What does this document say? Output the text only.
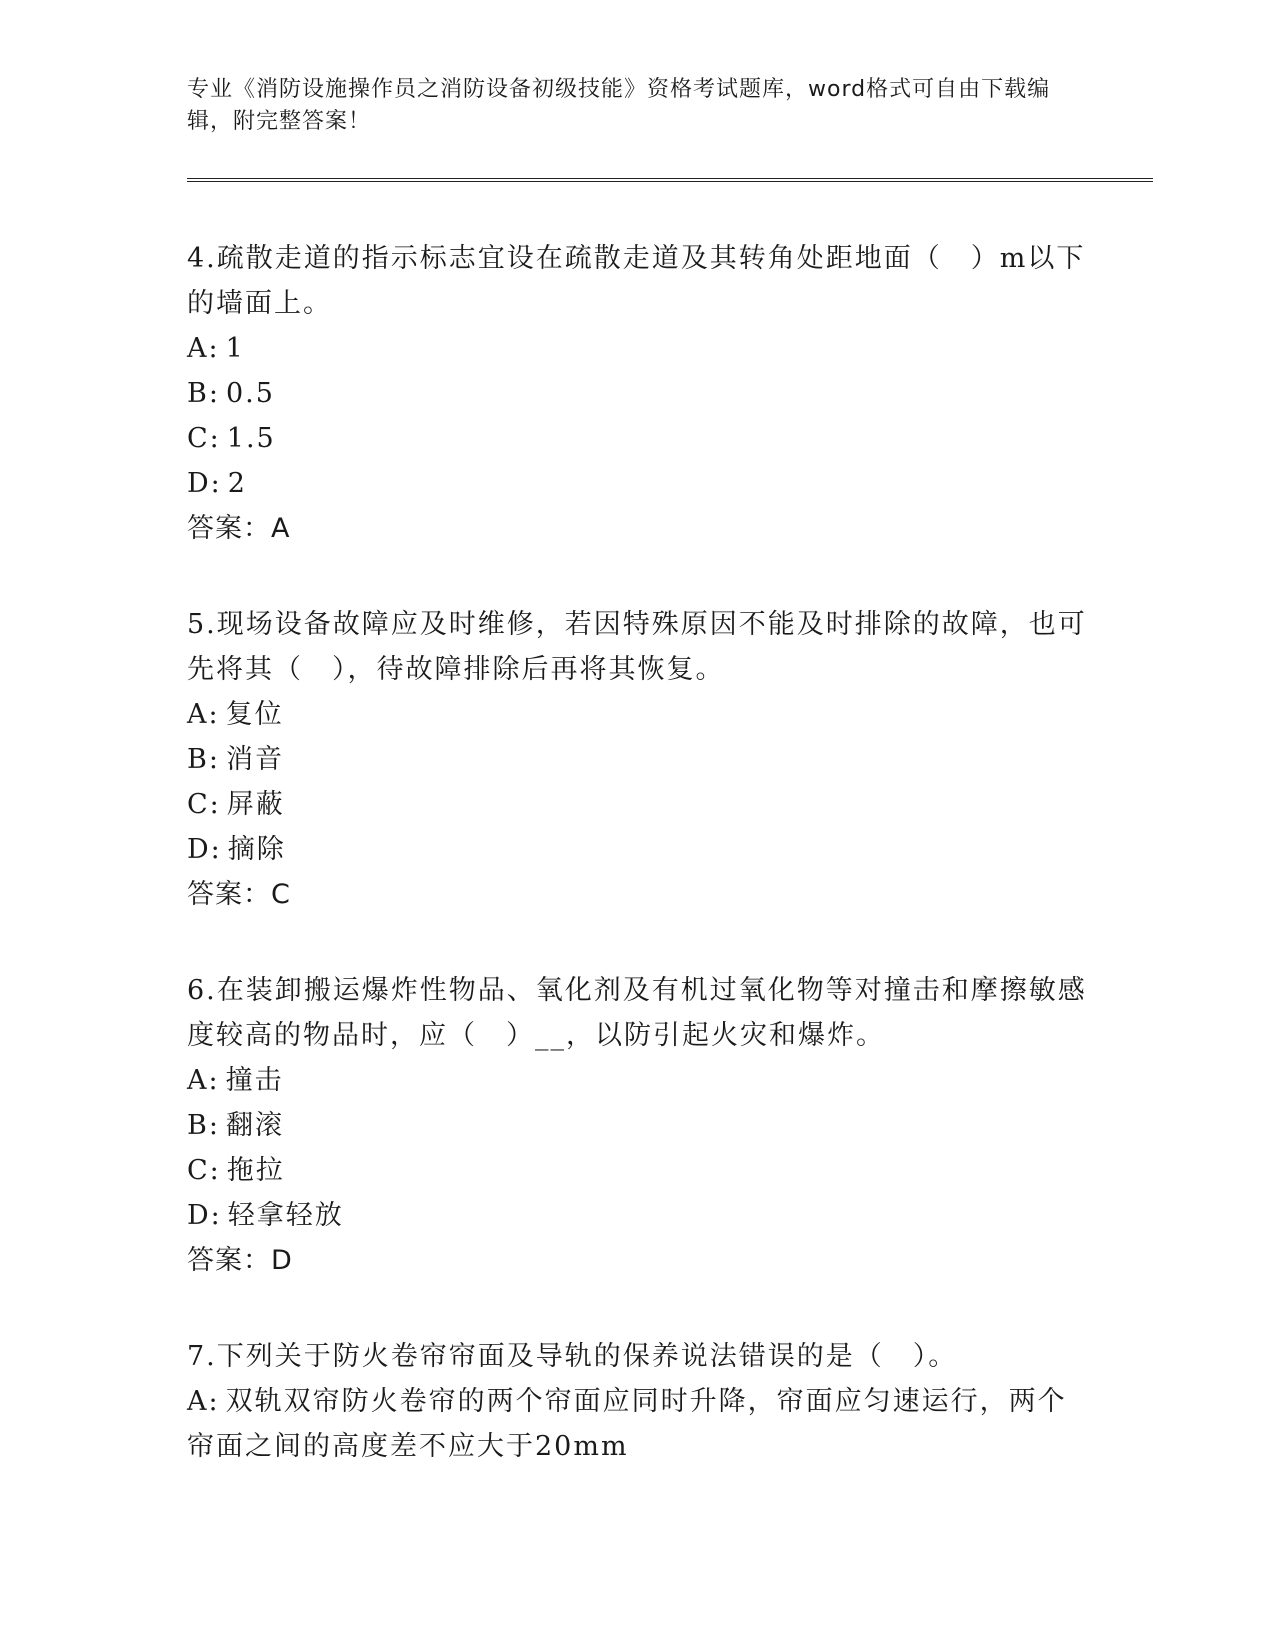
专业《消防设施操作员之消防设备初级技能》资格考试题库，word格式可自由下载编辑，附完整答案！

4.疏散走道的指示标志宜设在疏散走道及其转角处距地面（　）m以下的墙面上。

A: 1

B: 0.5

C: 1.5

D: 2

答案：A

5.现场设备故障应及时维修，若因特殊原因不能及时排除的故障，也可先将其（　），待故障排除后再将其恢复。

A: 复位

B: 消音

C: 屏蔽

D: 摘除

答案：C

6.在装卸搬运爆炸性物品、氧化剂及有机过氧化物等对撞击和摩擦敏感度较高的物品时，应（　）__，以防引起火灾和爆炸。

A: 撞击

B: 翻滚

C: 拖拉

D: 轻拿轻放

答案：D

7.下列关于防火卷帘帘面及导轨的保养说法错误的是（　）。

A: 双轨双帘防火卷帘的两个帘面应同时升降，帘面应匀速运行，两个帘面之间的高度差不应大于20mm
